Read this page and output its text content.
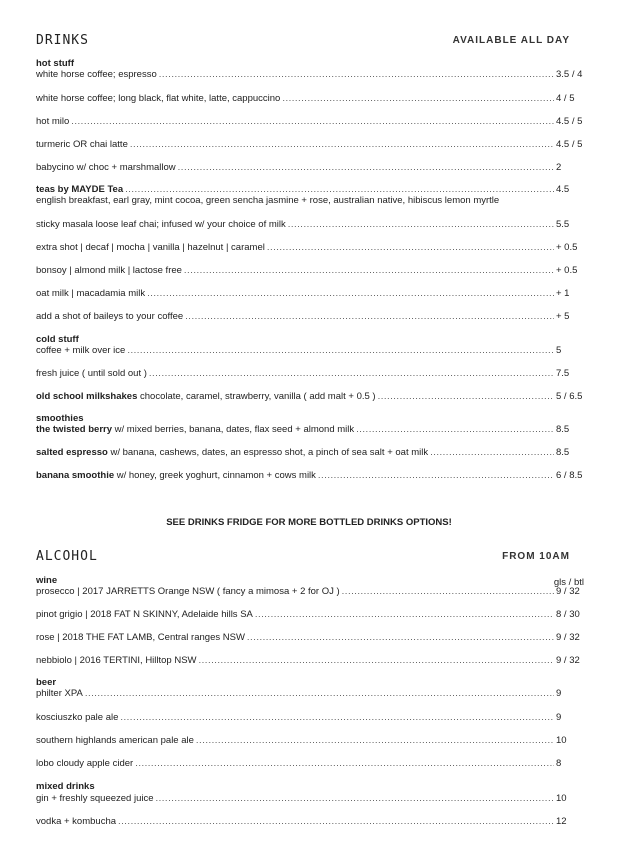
DRINKS	AVAILABLE ALL DAY
hot stuff
white horse coffee; espresso .....	3.5 / 4
white horse coffee; long black, flat white, latte, cappuccino .....	4 / 5
hot milo .....	4.5 / 5
turmeric OR chai latte .....	4.5 / 5
babycino w/ choc + marshmallow .....	2
teas by MAYDE Tea .....	4.5
english breakfast, earl gray, mint cocoa, green sencha jasmine + rose, australian native, hibiscus lemon myrtle
sticky masala loose leaf chai; infused w/ your choice of milk .....	5.5
extra shot | decaf | mocha | vanilla | hazelnut | caramel .....	+ 0.5
bonsoy | almond milk | lactose free .....	+ 0.5
oat milk | macadamia milk .....	+ 1
add a shot of baileys to your coffee .....	+ 5
cold stuff
coffee + milk over ice .....	5
fresh juice ( until sold out ) .....	7.5
old school milkshakes chocolate, caramel, strawberry, vanilla ( add malt + 0.5 ) .....	5 / 6.5
smoothies
the twisted berry w/ mixed berries, banana, dates, flax seed + almond milk .....	8.5
salted espresso w/ banana, cashews, dates, an espresso shot, a pinch of sea salt + oat milk .....	8.5
banana smoothie w/ honey, greek yoghurt, cinnamon + cows milk .....	6 / 8.5
SEE DRINKS FRIDGE FOR MORE BOTTLED DRINKS OPTIONS!
ALCOHOL	FROM 10AM
wine	gls / btl
prosecco | 2017 JARRETTS Orange NSW ( fancy a mimosa + 2 for OJ ) .....	9 / 32
pinot grigio | 2018 FAT N SKINNY, Adelaide hills SA .....	8 / 30
rose | 2018 THE FAT LAMB, Central ranges NSW .....	9 / 32
nebbiolo | 2016 TERTINI, Hilltop NSW .....	9 / 32
beer
philter XPA .....	9
kosciuszko pale ale .....	9
southern highlands american pale ale .....	10
lobo cloudy apple cider .....	8
mixed drinks
gin + freshly squeezed juice .....	10
vodka + kombucha .....	12
